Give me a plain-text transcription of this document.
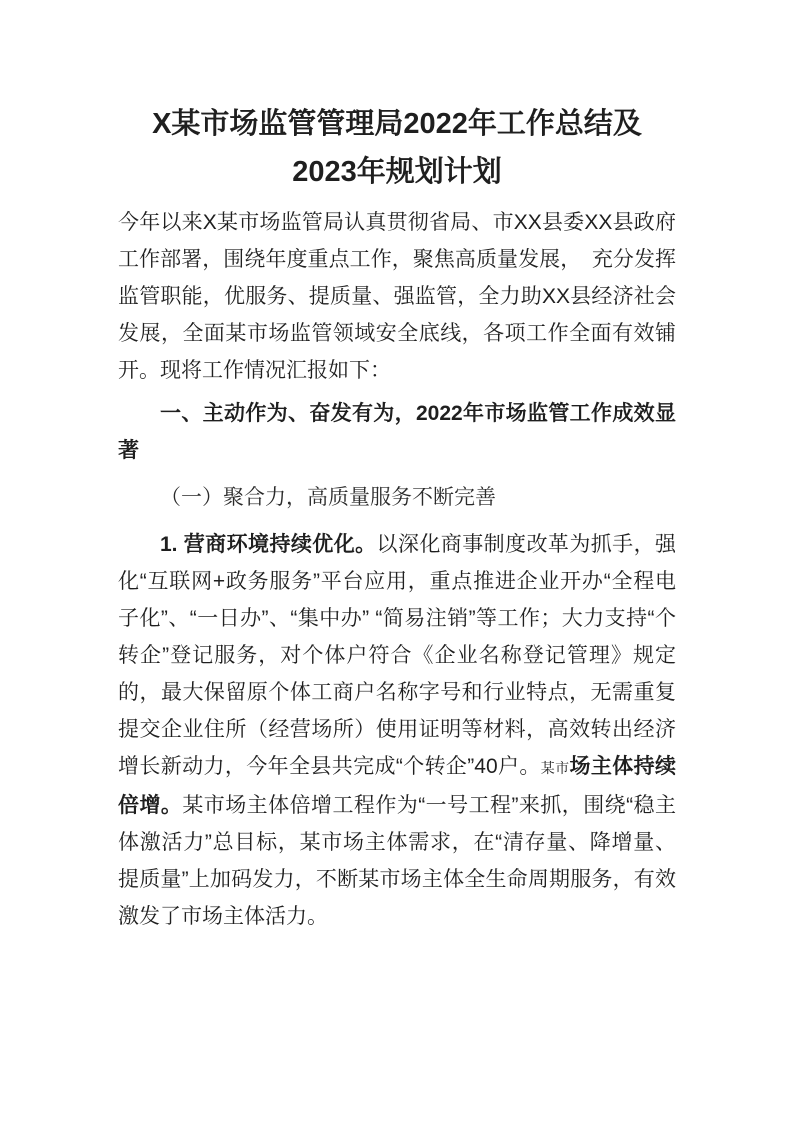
X某市场监管管理局2022年工作总结及
2023年规划计划

今年以来X某市场监管局认真贯彻省局、市XX县委XX县政府工作部署，围绕年度重点工作，聚焦高质量发展，　充分发挥监管职能，优服务、提质量、强监管，全力助XX县经济社会发展，全面某市场监管领域安全底线，各项工作全面有效铺开。现将工作情况汇报如下：

一、主动作为、奋发有为，2022年市场监管工作成效显著

（一）聚合力，高质量服务不断完善

1. 营商环境持续优化。以深化商事制度改革为抓手，强化“互联网+政务服务”平台应用，重点推进企业开办“全程电子化”、“一日办”、“集中办” “简易注销”等工作；大力支持“个转企”登记服务，对个体户符合《企业名称登记管理》规定的，最大保留原个体工商户名称字号和行业特点，无需重复提交企业住所（经营场所）使用证明等材料，高效转出经济增长新动力，今年全县共完成“个转企”40户。某市场主体持续倍增。某市场主体倍增工程作为“一号工程”来抓，围绕“稳主体激活力”总目标，某市场主体需求，在“清存量、降增量、提质量”上加码发力，不断某市场主体全生命周期服务，有效激发了市场主体活力。
